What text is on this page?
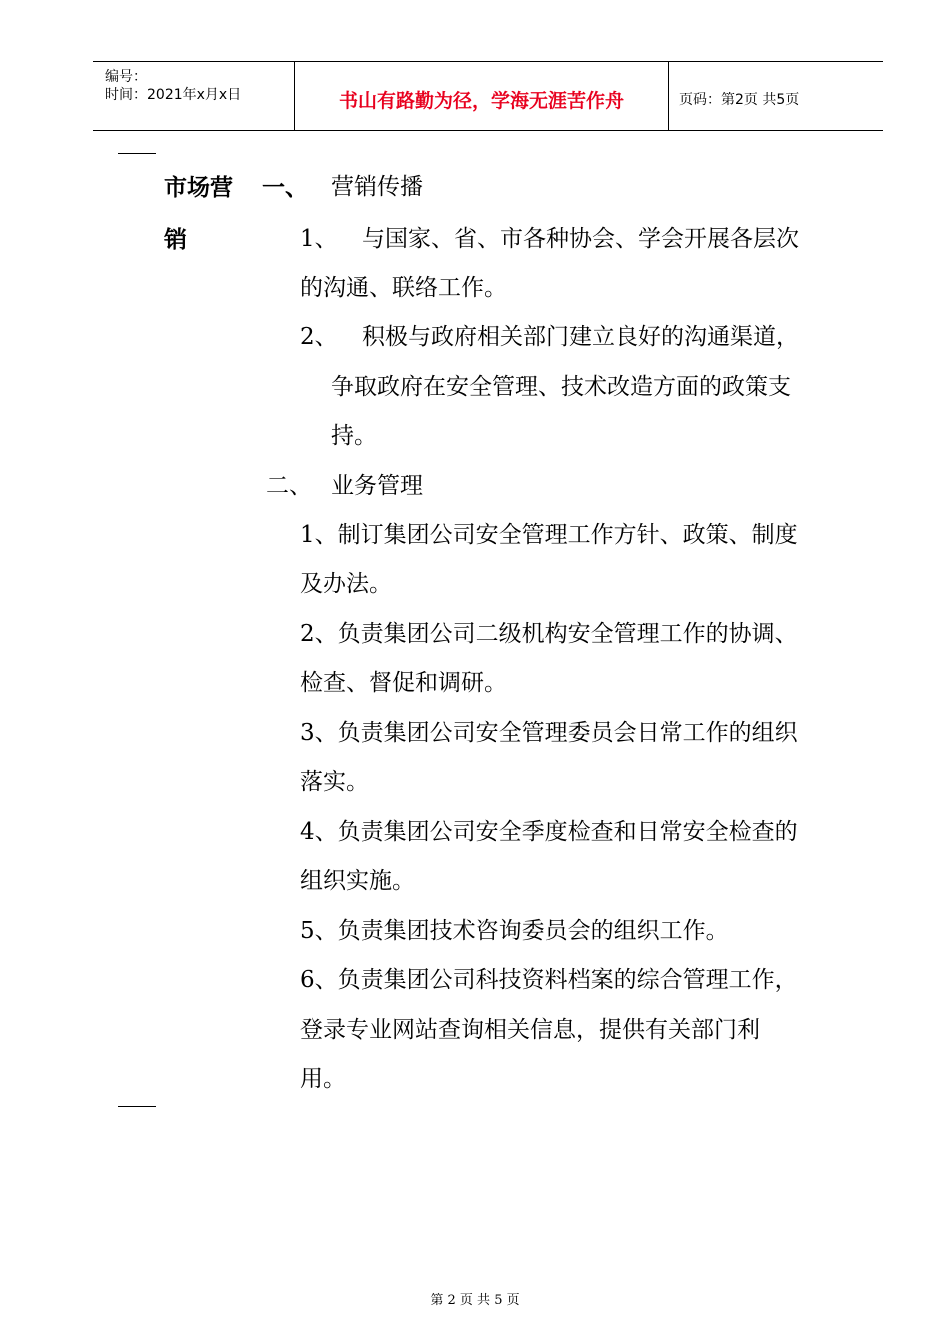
编号：
时间：2021年x月x日	书山有路勤为径，学海无涯苦作舟	页码：第2页 共5页
市场营
销
一、 营销传播
1、 与国家、省、市各种协会、学会开展各层次
的沟通、联络工作。
2、 积极与政府相关部门建立良好的沟通渠道，
争取政府在安全管理、技术改造方面的政策支
持。
二、 业务管理
1、制订集团公司安全管理工作方针、政策、制度
及办法。
2、负责集团公司二级机构安全管理工作的协调、
检查、督促和调研。
3、负责集团公司安全管理委员会日常工作的组织
落实。
4、负责集团公司安全季度检查和日常安全检查的
组织实施。
5、负责集团技术咨询委员会的组织工作。
6、负责集团公司科技资料档案的综合管理工作，
登录专业网站查询相关信息，提供有关部门利
用。
第 2 页 共 5 页
